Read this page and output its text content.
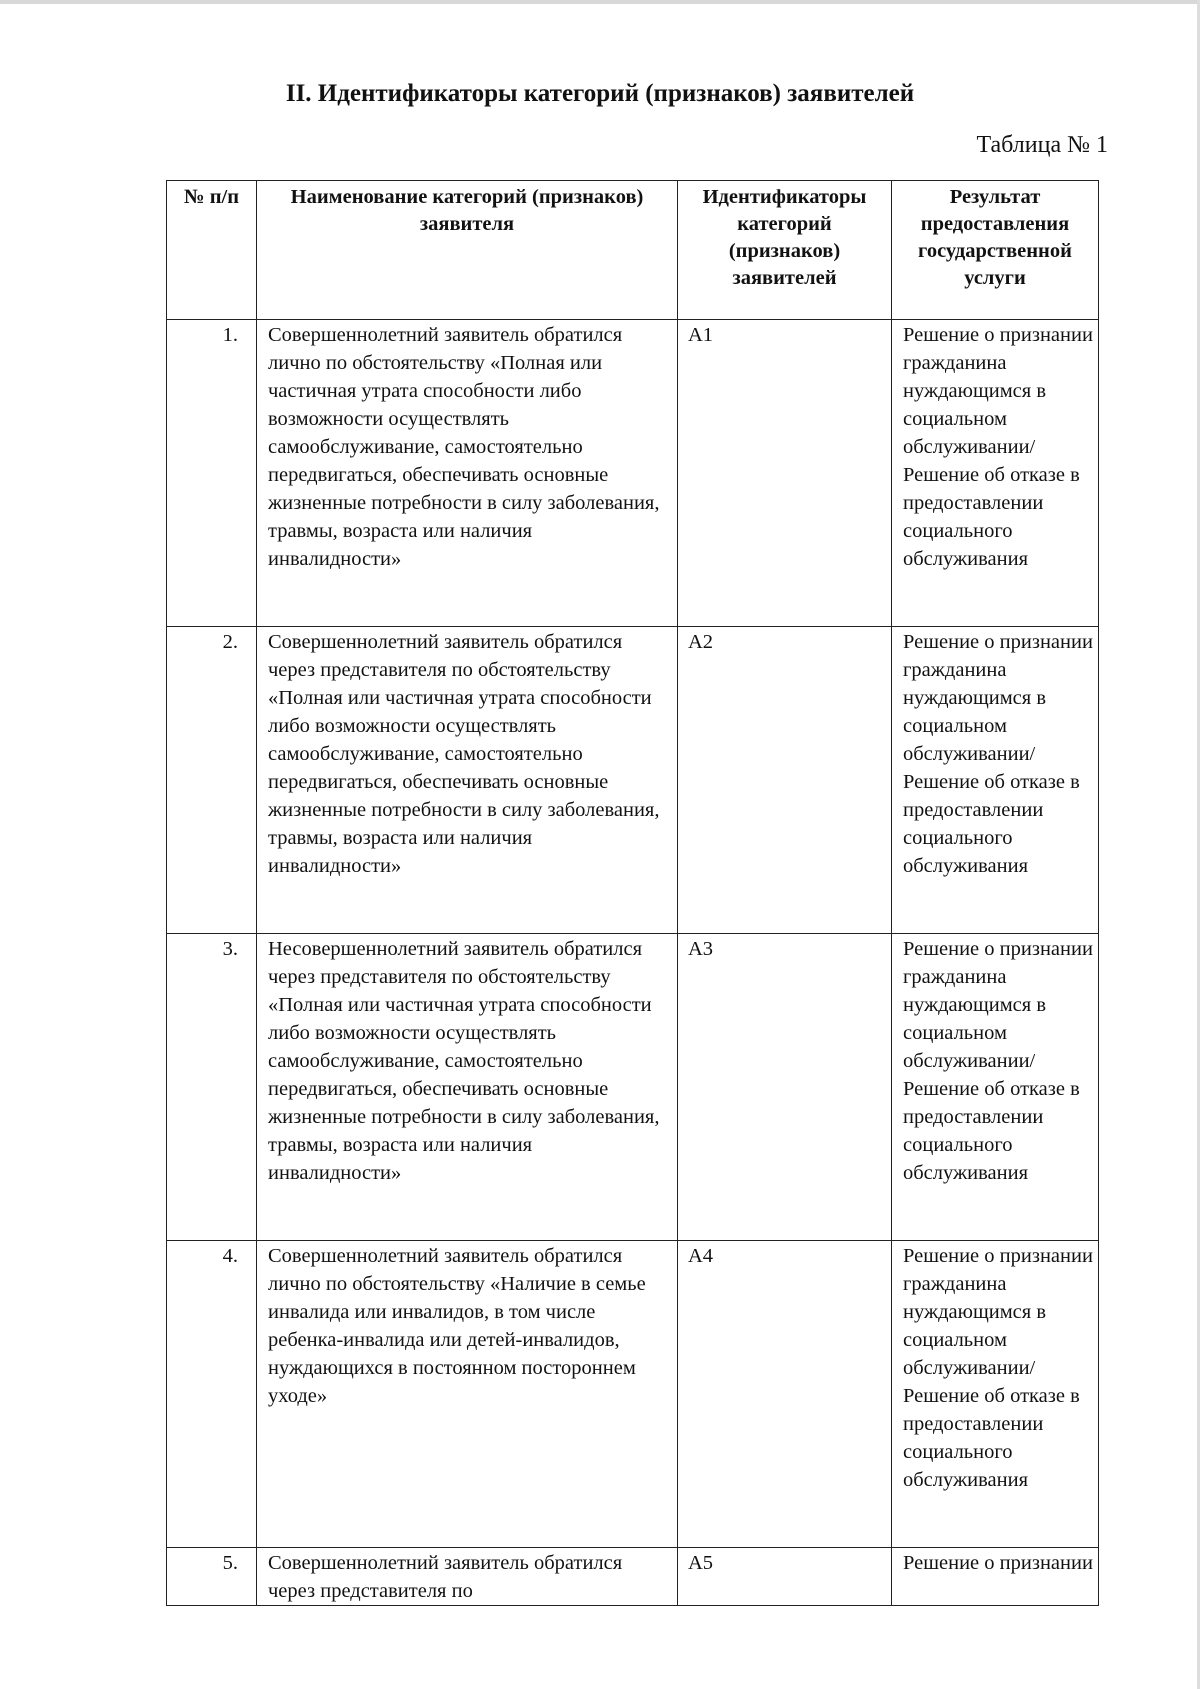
II. Идентификаторы категорий (признаков) заявителей
Таблица № 1
№ п/п	Наименование категорий (признаков) заявителя	Идентификаторы категорий (признаков) заявителей	Результат предоставления государственной услуги
1.	Совершеннолетний заявитель обратился лично по обстоятельству «Полная или частичная утрата способности либо возможности осуществлять самообслуживание, самостоятельно передвигаться, обеспечивать основные жизненные потребности в силу заболевания, травмы, возраста или наличия инвалидности»	А1	Решение о признании гражданина нуждающимся в социальном обслуживании/ Решение об отказе в предоставлении социального обслуживания
2.	Совершеннолетний заявитель обратился через представителя по обстоятельству «Полная или частичная утрата способности либо возможности осуществлять самообслуживание, самостоятельно передвигаться, обеспечивать основные жизненные потребности в силу заболевания, травмы, возраста или наличия инвалидности»	А2	Решение о признании гражданина нуждающимся в социальном обслуживании/ Решение об отказе в предоставлении социального обслуживания
3.	Несовершеннолетний заявитель обратился через представителя по обстоятельству «Полная или частичная утрата способности либо возможности осуществлять самообслуживание, самостоятельно передвигаться, обеспечивать основные жизненные потребности в силу заболевания, травмы, возраста или наличия инвалидности»	А3	Решение о признании гражданина нуждающимся в социальном обслуживании/ Решение об отказе в предоставлении социального обслуживания
4.	Совершеннолетний заявитель обратился лично по обстоятельству «Наличие в семье инвалида или инвалидов, в том числе ребенка-инвалида или детей-инвалидов, нуждающихся в постоянном постороннем уходе»	А4	Решение о признании гражданина нуждающимся в социальном обслуживании/ Решение об отказе в предоставлении социального обслуживания
5.	Совершеннолетний заявитель обратился через представителя по	А5	Решение о признании
